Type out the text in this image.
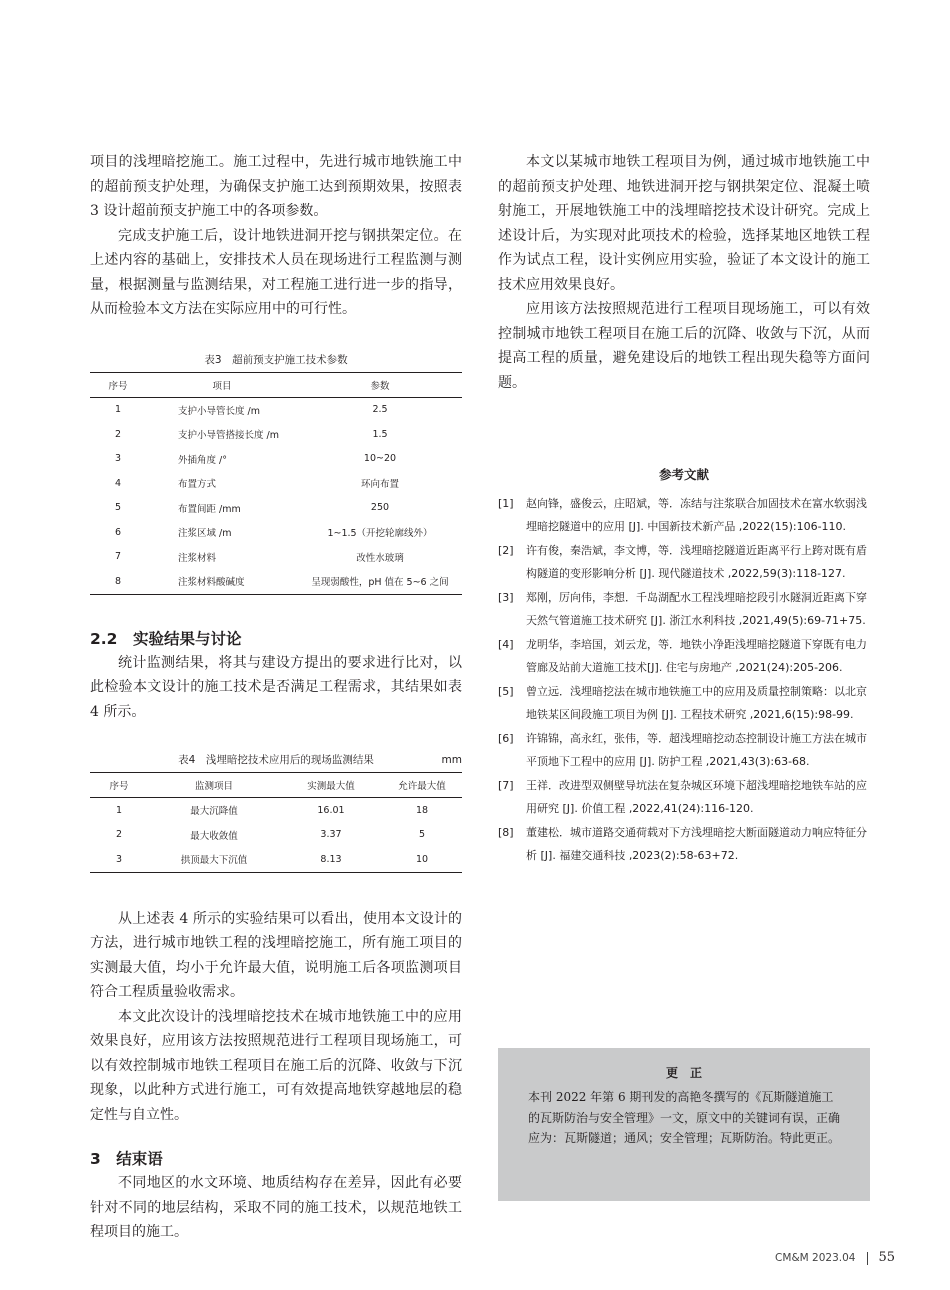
项目的浅埋暗挖施工。施工过程中，先进行城市地铁施工中的超前预支护处理，为确保支护施工达到预期效果，按照表 3 设计超前预支护施工中的各项参数。

完成支护施工后，设计地铁进洞开挖与钢拱架定位。在上述内容的基础上，安排技术人员在现场进行工程监测与测量，根据测量与监测结果，对工程施工进行进一步的指导，从而检验本文方法在实际应用中的可行性。

表3　超前预支护施工技术参数
序号	项目	参数
1	支护小导管长度 /m	2.5
2	支护小导管搭接长度 /m	1.5
3	外插角度 /°	10~20
4	布置方式	环向布置
5	布置间距 /mm	250
6	注浆区域 /m	1~1.5（开挖轮廓线外）
7	注浆材料	改性水玻璃
8	注浆材料酸碱度	呈现弱酸性，pH 值在 5~6 之间
2.2　实验结果与讨论

统计监测结果，将其与建设方提出的要求进行比对，以此检验本文设计的施工技术是否满足工程需求，其结果如表 4 所示。

表4　浅埋暗挖技术应用后的现场监测结果	mm
序号	监测项目	实测最大值	允许最大值
1	最大沉降值	16.01	18
2	最大收敛值	3.37	5
3	拱顶最大下沉值	8.13	10

从上述表 4 所示的实验结果可以看出，使用本文设计的方法，进行城市地铁工程的浅埋暗挖施工，所有施工项目的实测最大值，均小于允许最大值，说明施工后各项监测项目符合工程质量验收需求。

本文此次设计的浅埋暗挖技术在城市地铁施工中的应用效果良好，应用该方法按照规范进行工程项目现场施工，可以有效控制城市地铁工程项目在施工后的沉降、收敛与下沉现象，以此种方式进行施工，可有效提高地铁穿越地层的稳定性与自立性。

3　结束语

不同地区的水文环境、地质结构存在差异，因此有必要针对不同的地层结构，采取不同的施工技术，以规范地铁工程项目的施工。

本文以某城市地铁工程项目为例，通过城市地铁施工中的超前预支护处理、地铁进洞开挖与钢拱架定位、混凝土喷射施工，开展地铁施工中的浅埋暗挖技术设计研究。完成上述设计后，为实现对此项技术的检验，选择某地区地铁工程作为试点工程，设计实例应用实验，验证了本文设计的施工技术应用效果良好。

应用该方法按照规范进行工程项目现场施工，可以有效控制城市地铁工程项目在施工后的沉降、收敛与下沉，从而提高工程的质量，避免建设后的地铁工程出现失稳等方面问题。

参考文献
[1]	赵向锋，盛俊云，庄昭斌，等．冻结与注浆联合加固技术在富水软弱浅埋暗挖隧道中的应用 [J]. 中国新技术新产品 ,2022(15):106-110.
[2]	许有俊，秦浩斌，李文博，等．浅埋暗挖隧道近距离平行上跨对既有盾构隧道的变形影响分析 [J]. 现代隧道技术 ,2022,59(3):118-127.
[3]	郑刚，厉向伟，李想．千岛湖配水工程浅埋暗挖段引水隧洞近距离下穿天然气管道施工技术研究 [J]. 浙江水利科技 ,2021,49(5):69-71+75.
[4]	龙明华，李培国，刘云龙，等．地铁小净距浅埋暗挖隧道下穿既有电力管廊及站前大道施工技术[J]. 住宅与房地产 ,2021(24):205-206.
[5]	曾立远．浅埋暗挖法在城市地铁施工中的应用及质量控制策略：以北京地铁某区间段施工项目为例 [J]. 工程技术研究 ,2021,6(15):98-99.
[6]	许锦锦，高永红，张伟，等．超浅埋暗挖动态控制设计施工方法在城市平顶地下工程中的应用 [J]. 防护工程 ,2021,43(3):63-68.
[7]	王祥．改进型双侧壁导坑法在复杂城区环境下超浅埋暗挖地铁车站的应用研究 [J]. 价值工程 ,2022,41(24):116-120.
[8]	董建松．城市道路交通荷载对下方浅埋暗挖大断面隧道动力响应特征分析 [J]. 福建交通科技 ,2023(2):58-63+72.
更　正
本刊 2022 年第 6 期刊发的高艳冬撰写的《瓦斯隧道施工的瓦斯防治与安全管理》一文，原文中的关键词有误，正确应为：瓦斯隧道；通风；安全管理；瓦斯防治。特此更正。
CM&M 2023.04 55
